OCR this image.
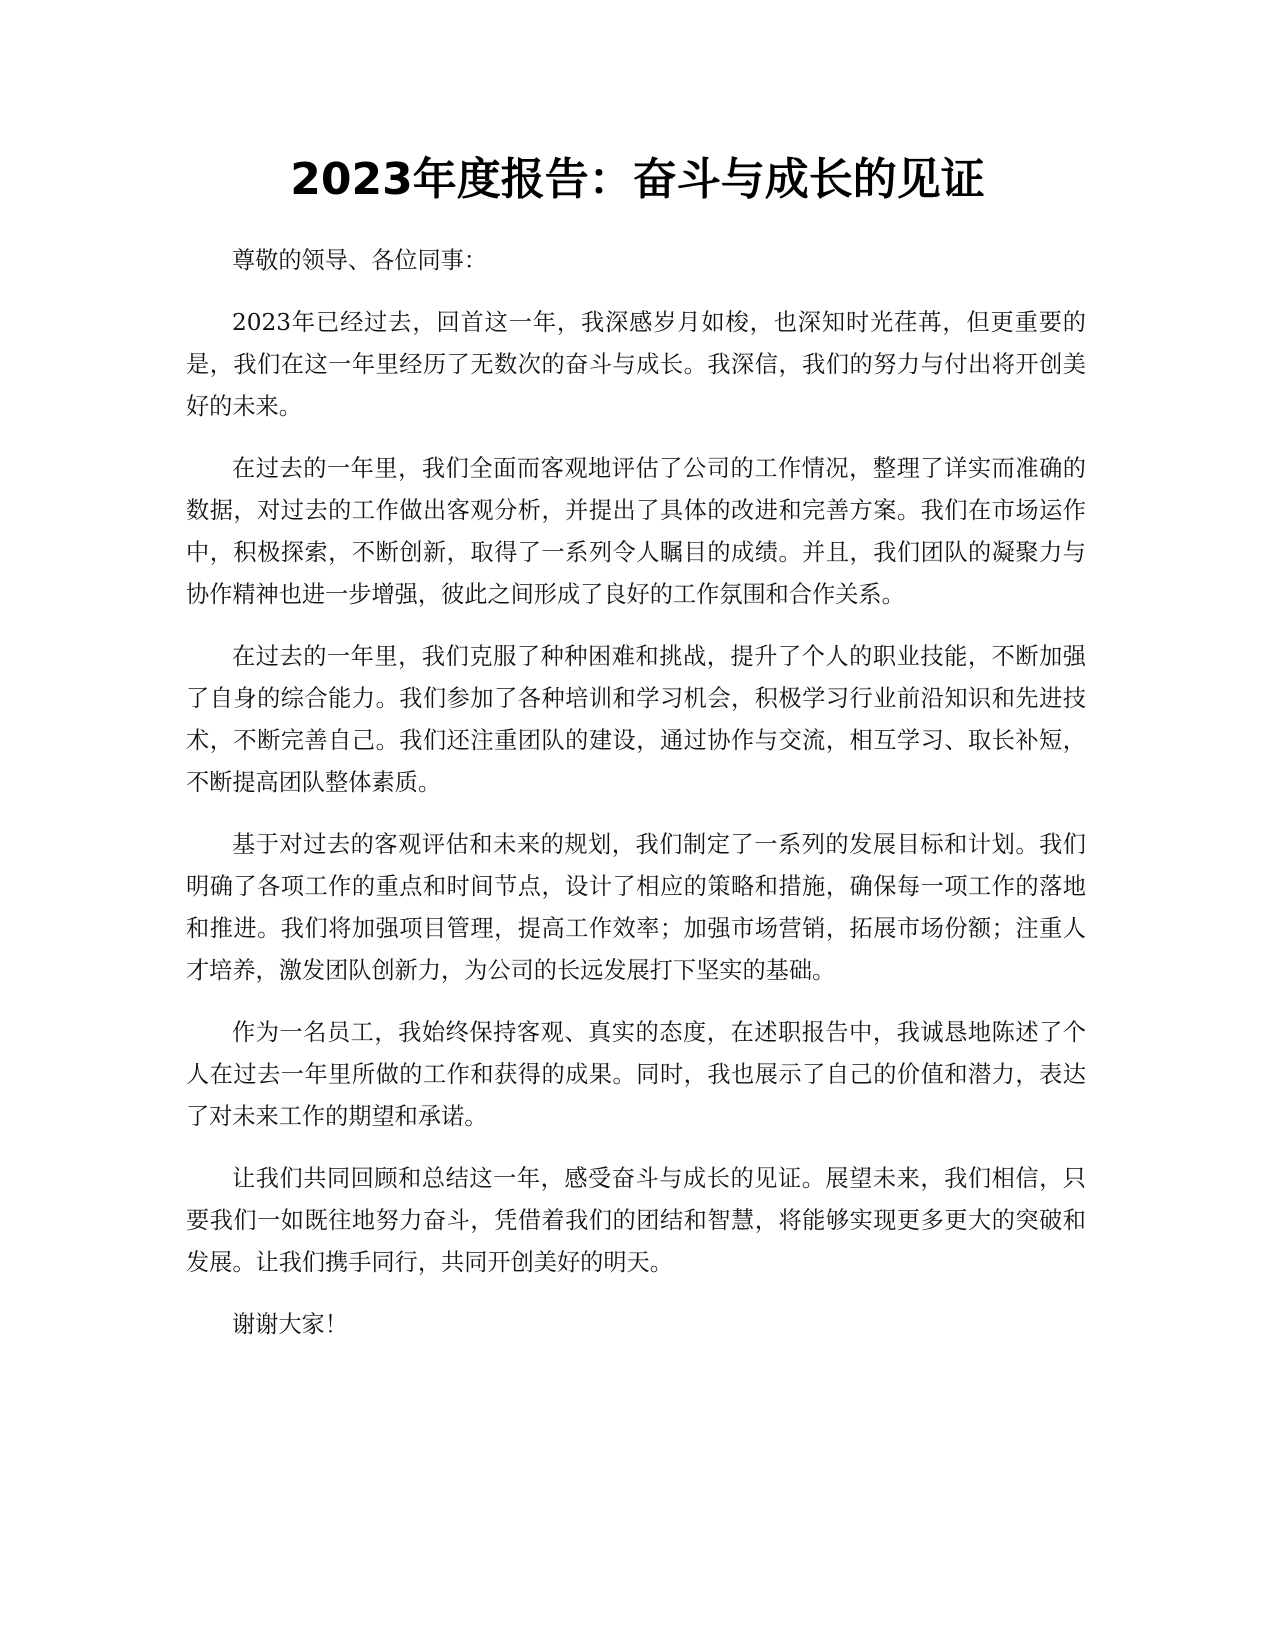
2023年度报告：奋斗与成长的见证

尊敬的领导、各位同事：

2023年已经过去，回首这一年，我深感岁月如梭，也深知时光荏苒，但更重要的是，我们在这一年里经历了无数次的奋斗与成长。我深信，我们的努力与付出将开创美好的未来。

在过去的一年里，我们全面而客观地评估了公司的工作情况，整理了详实而准确的数据，对过去的工作做出客观分析，并提出了具体的改进和完善方案。我们在市场运作中，积极探索，不断创新，取得了一系列令人瞩目的成绩。并且，我们团队的凝聚力与协作精神也进一步增强，彼此之间形成了良好的工作氛围和合作关系。

在过去的一年里，我们克服了种种困难和挑战，提升了个人的职业技能，不断加强了自身的综合能力。我们参加了各种培训和学习机会，积极学习行业前沿知识和先进技术，不断完善自己。我们还注重团队的建设，通过协作与交流，相互学习、取长补短，不断提高团队整体素质。

基于对过去的客观评估和未来的规划，我们制定了一系列的发展目标和计划。我们明确了各项工作的重点和时间节点，设计了相应的策略和措施，确保每一项工作的落地和推进。我们将加强项目管理，提高工作效率；加强市场营销，拓展市场份额；注重人才培养，激发团队创新力，为公司的长远发展打下坚实的基础。

作为一名员工，我始终保持客观、真实的态度，在述职报告中，我诚恳地陈述了个人在过去一年里所做的工作和获得的成果。同时，我也展示了自己的价值和潜力，表达了对未来工作的期望和承诺。

让我们共同回顾和总结这一年，感受奋斗与成长的见证。展望未来，我们相信，只要我们一如既往地努力奋斗，凭借着我们的团结和智慧，将能够实现更多更大的突破和发展。让我们携手同行，共同开创美好的明天。

谢谢大家！
